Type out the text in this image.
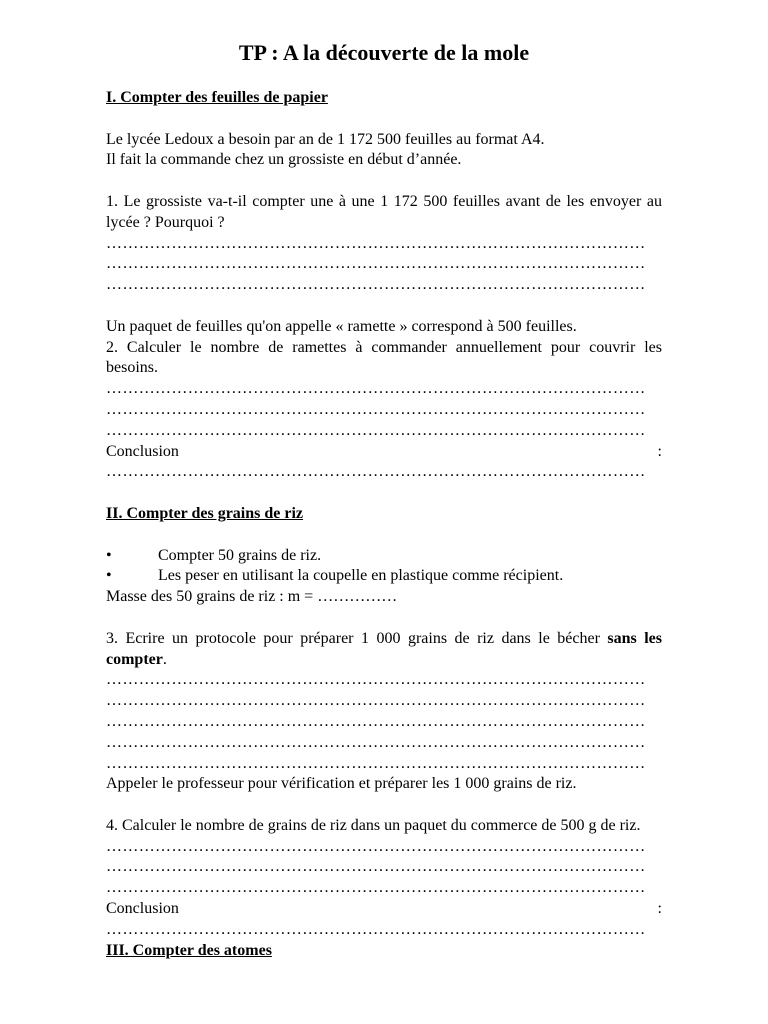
TP : A la découverte de la mole

I. Compter des feuilles de papier

Le lycée Ledoux a besoin par an de 1 172 500 feuilles au format A4.

Il fait la commande chez un grossiste en début d’année.

1. Le grossiste va-t-il compter une à une 1 172 500 feuilles avant de les envoyer au lycée ? Pourquoi ?

………………………………………………………………………………………

………………………………………………………………………………………

………………………………………………………………………………………

Un paquet de feuilles qu'on appelle « ramette » correspond à 500 feuilles.

2. Calculer le nombre de ramettes à commander annuellement pour couvrir les besoins.

………………………………………………………………………………………

………………………………………………………………………………………

………………………………………………………………………………………

Conclusion	:

………………………………………………………………………………………

II. Compter des grains de riz

•	Compter 50 grains de riz.
•	Les peser en utilisant la coupelle en plastique comme récipient.

Masse des 50 grains de riz : m = ……………

3. Ecrire un protocole pour préparer 1 000 grains de riz dans le bécher sans les compter.

………………………………………………………………………………………

………………………………………………………………………………………

………………………………………………………………………………………

………………………………………………………………………………………

………………………………………………………………………………………

Appeler le professeur pour vérification et préparer les 1 000 grains de riz.

4. Calculer le nombre de grains de riz dans un paquet du commerce de 500 g de riz.

………………………………………………………………………………………

………………………………………………………………………………………

………………………………………………………………………………………

Conclusion	:

………………………………………………………………………………………

III. Compter des atomes
